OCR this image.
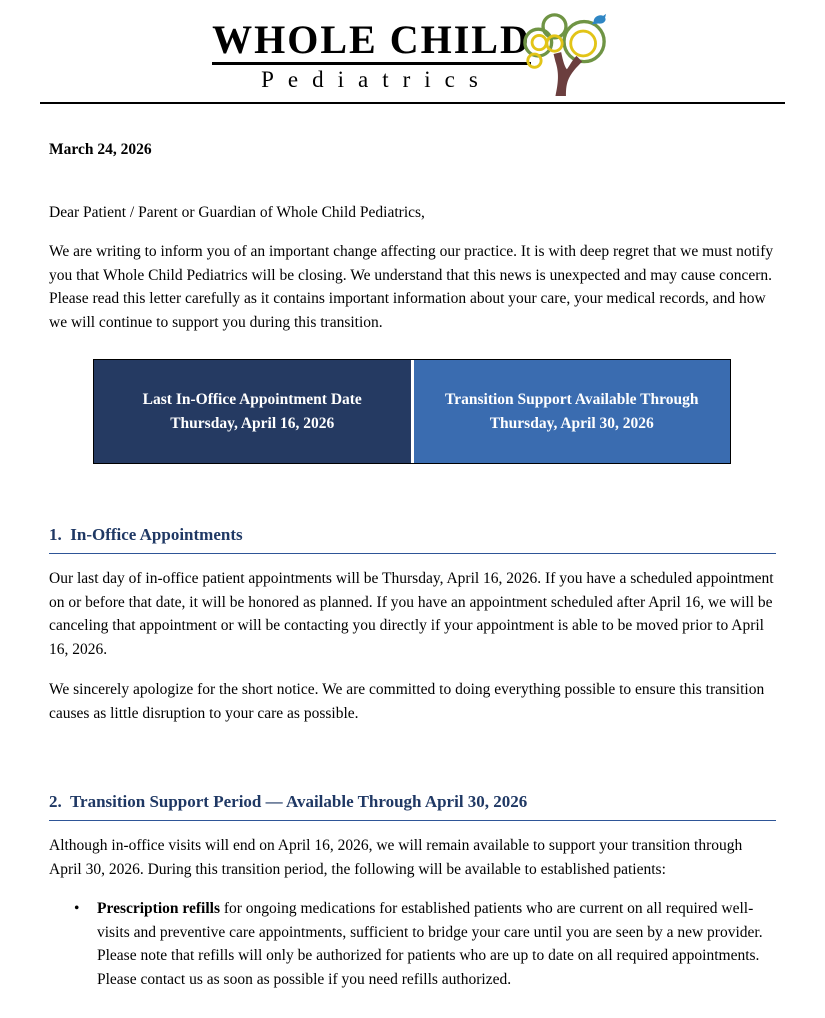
WHOLE CHILD
Pediatrics
March 24, 2026
Dear Patient / Parent or Guardian of Whole Child Pediatrics,
We are writing to inform you of an important change affecting our practice. It is with deep regret that we must notify you that Whole Child Pediatrics will be closing. We understand that this news is unexpected and may cause concern. Please read this letter carefully as it contains important information about your care, your medical records, and how we will continue to support you during this transition.
Last In-Office Appointment Date
Thursday, April 16, 2026
Transition Support Available Through
Thursday, April 30, 2026
1.  In-Office Appointments
Our last day of in-office patient appointments will be Thursday, April 16, 2026. If you have a scheduled appointment on or before that date, it will be honored as planned. If you have an appointment scheduled after April 16, we will be canceling that appointment or will be contacting you directly if your appointment is able to be moved prior to April 16, 2026.
We sincerely apologize for the short notice. We are committed to doing everything possible to ensure this transition causes as little disruption to your care as possible.
2.  Transition Support Period — Available Through April 30, 2026
Although in-office visits will end on April 16, 2026, we will remain available to support your transition through April 30, 2026. During this transition period, the following will be available to established patients:
•	Prescription refills for ongoing medications for established patients who are current on all required well-visits and preventive care appointments, sufficient to bridge your care until you are seen by a new provider. Please note that refills will only be authorized for patients who are up to date on all required appointments. Please contact us as soon as possible if you need refills authorized.
